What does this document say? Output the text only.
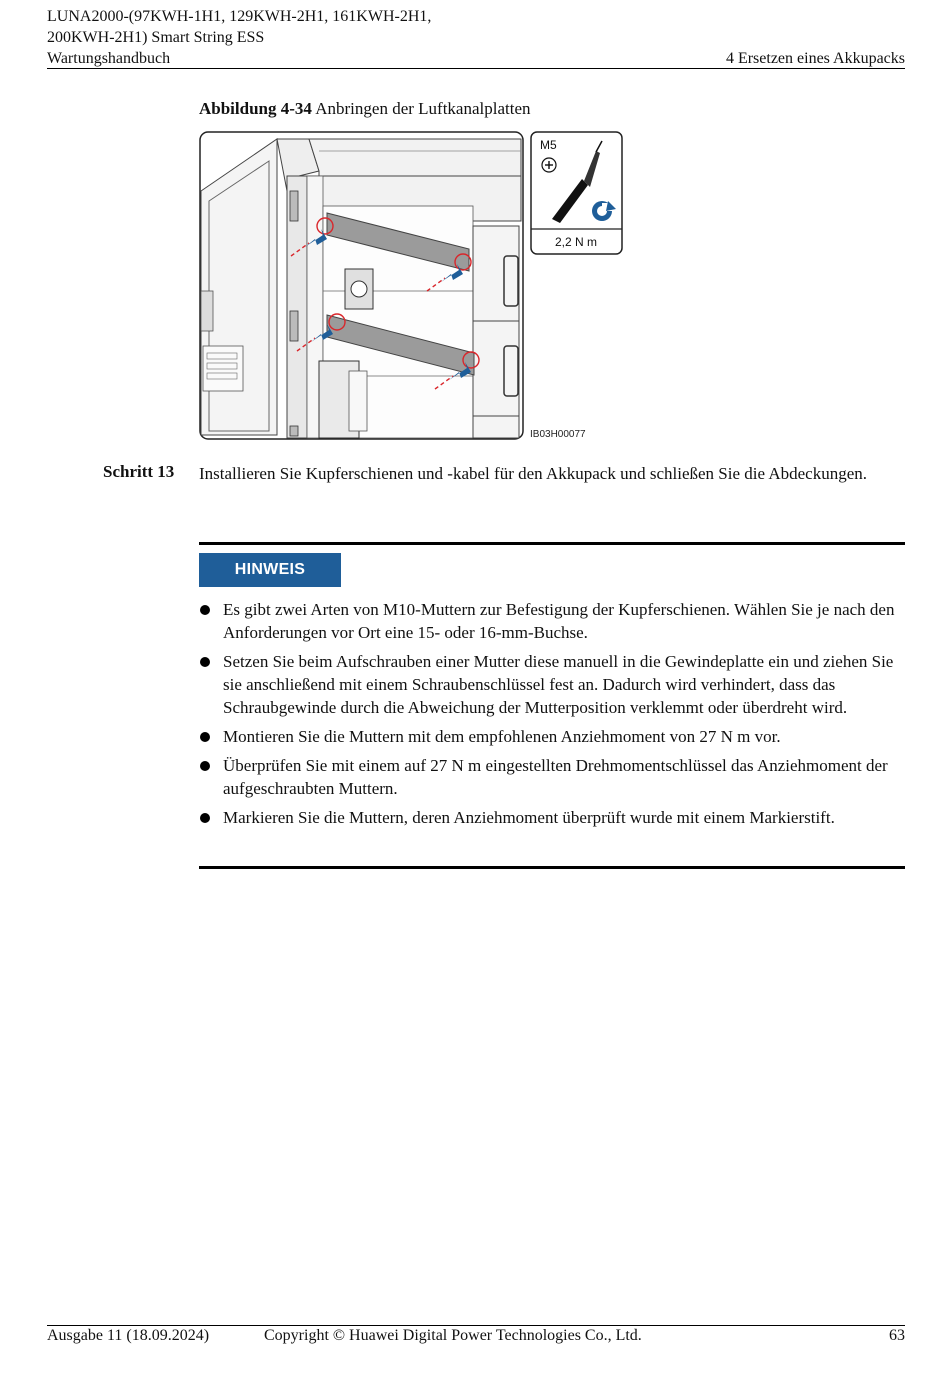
LUNA2000-(97KWH-1H1, 129KWH-2H1, 161KWH-2H1,
200KWH-2H1) Smart String ESS
Wartungshandbuch	4 Ersetzen eines Akkupacks
Abbildung 4-34 Anbringen der Luftkanalplatten
M5
2,2 N m
IB03H00077
Schritt 13 Installieren Sie Kupferschienen und -kabel für den Akkupack und schließen Sie die Abdeckungen.
HINWEIS
Es gibt zwei Arten von M10-Muttern zur Befestigung der Kupferschienen. Wählen Sie je nach den Anforderungen vor Ort eine 15- oder 16-mm-Buchse.
Setzen Sie beim Aufschrauben einer Mutter diese manuell in die Gewindeplatte ein und ziehen Sie sie anschließend mit einem Schraubenschlüssel fest an. Dadurch wird verhindert, dass das Schraubgewinde durch die Abweichung der Mutterposition verklemmt oder überdreht wird.
Montieren Sie die Muttern mit dem empfohlenen Anziehmoment von 27 N m vor.
Überprüfen Sie mit einem auf 27 N m eingestellten Drehmomentschlüssel das Anziehmoment der aufgeschraubten Muttern.
Markieren Sie die Muttern, deren Anziehmoment überprüft wurde mit einem Markierstift.
Ausgabe 11 (18.09.2024)	Copyright © Huawei Digital Power Technologies Co., Ltd.	63
